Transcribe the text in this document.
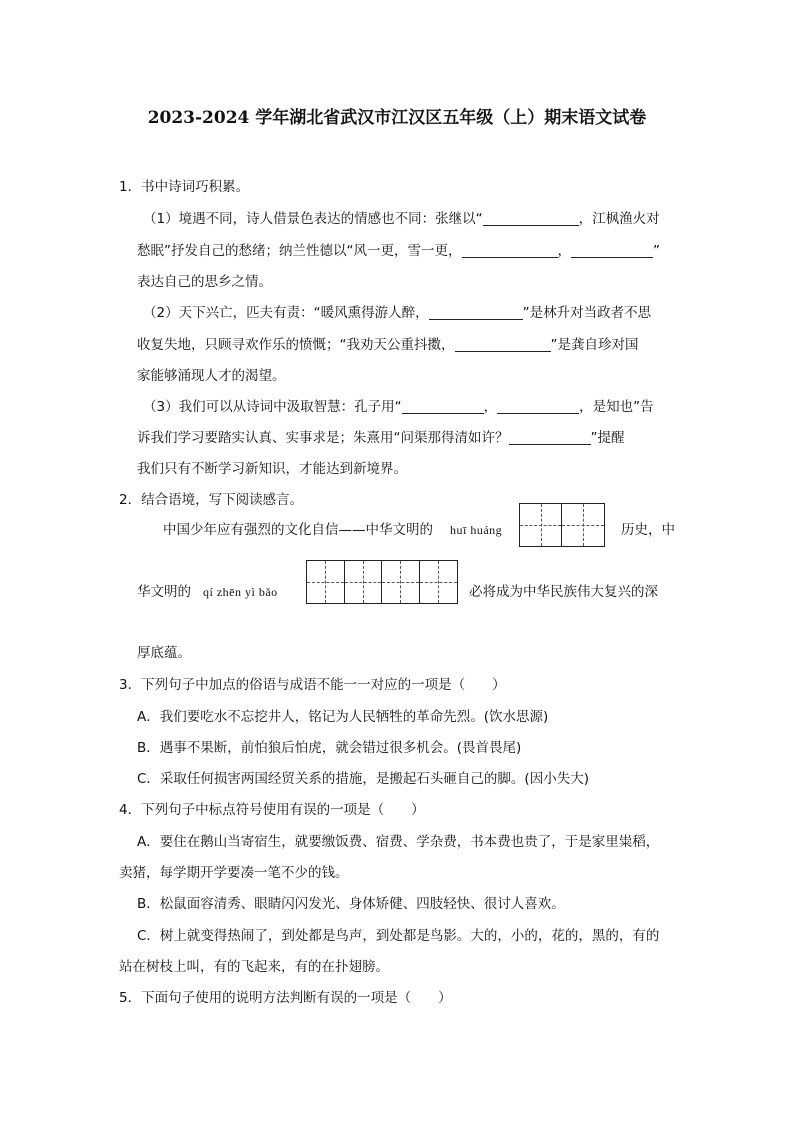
2023-2024 学年湖北省武汉市江汉区五年级（上）期末语文试卷
1．书中诗词巧积累。
（1）境遇不同，诗人借景色表达的情感也不同：张继以“	，江枫渔火对
愁眠”抒发自己的愁绪；纳兰性德以“风一更，雪一更，	，	”
表达自己的思乡之情。
（2）天下兴亡，匹夫有责：“暖风熏得游人醉，	”是林升对当政者不思
收复失地，只顾寻欢作乐的愤慨；“我劝天公重抖擞，	”是龚自珍对国
家能够涌现人才的渴望。
（3）我们可以从诗词中汲取智慧：孔子用“	，	，是知也”告
诉我们学习要踏实认真、实事求是；朱熹用“问渠那得清如许？	”提醒
我们只有不断学习新知识，才能达到新境界。
2．结合语境，写下阅读感言。
中国少年应有强烈的文化自信——中华文明的 huī huáng	历史，中
华文明的 qí zhēn yì bǎo	必将成为中华民族伟大复兴的深
厚底蕴。
3．下列句子中加点的俗语与成语不能一一对应的一项是（　　）
A．我们要吃水不忘挖井人，铭记为人民牺牲的革命先烈。(饮水思源)
B．遇事不果断，前怕狼后怕虎，就会错过很多机会。(畏首畏尾)
C．采取任何损害两国经贸关系的措施，是搬起石头砸自己的脚。(因小失大)
4．下列句子中标点符号使用有误的一项是（　　）
A．要住在鹅山当寄宿生，就要缴饭费、宿费、学杂费，书本费也贵了，于是家里粜稻，
卖猪，每学期开学要凑一笔不少的钱。
B．松鼠面容清秀、眼睛闪闪发光、身体矫健、四肢轻快、很讨人喜欢。
C．树上就变得热闹了，到处都是鸟声，到处都是鸟影。大的，小的，花的，黑的，有的
站在树枝上叫，有的飞起来，有的在扑翅膀。
5．下面句子使用的说明方法判断有误的一项是（　　）
